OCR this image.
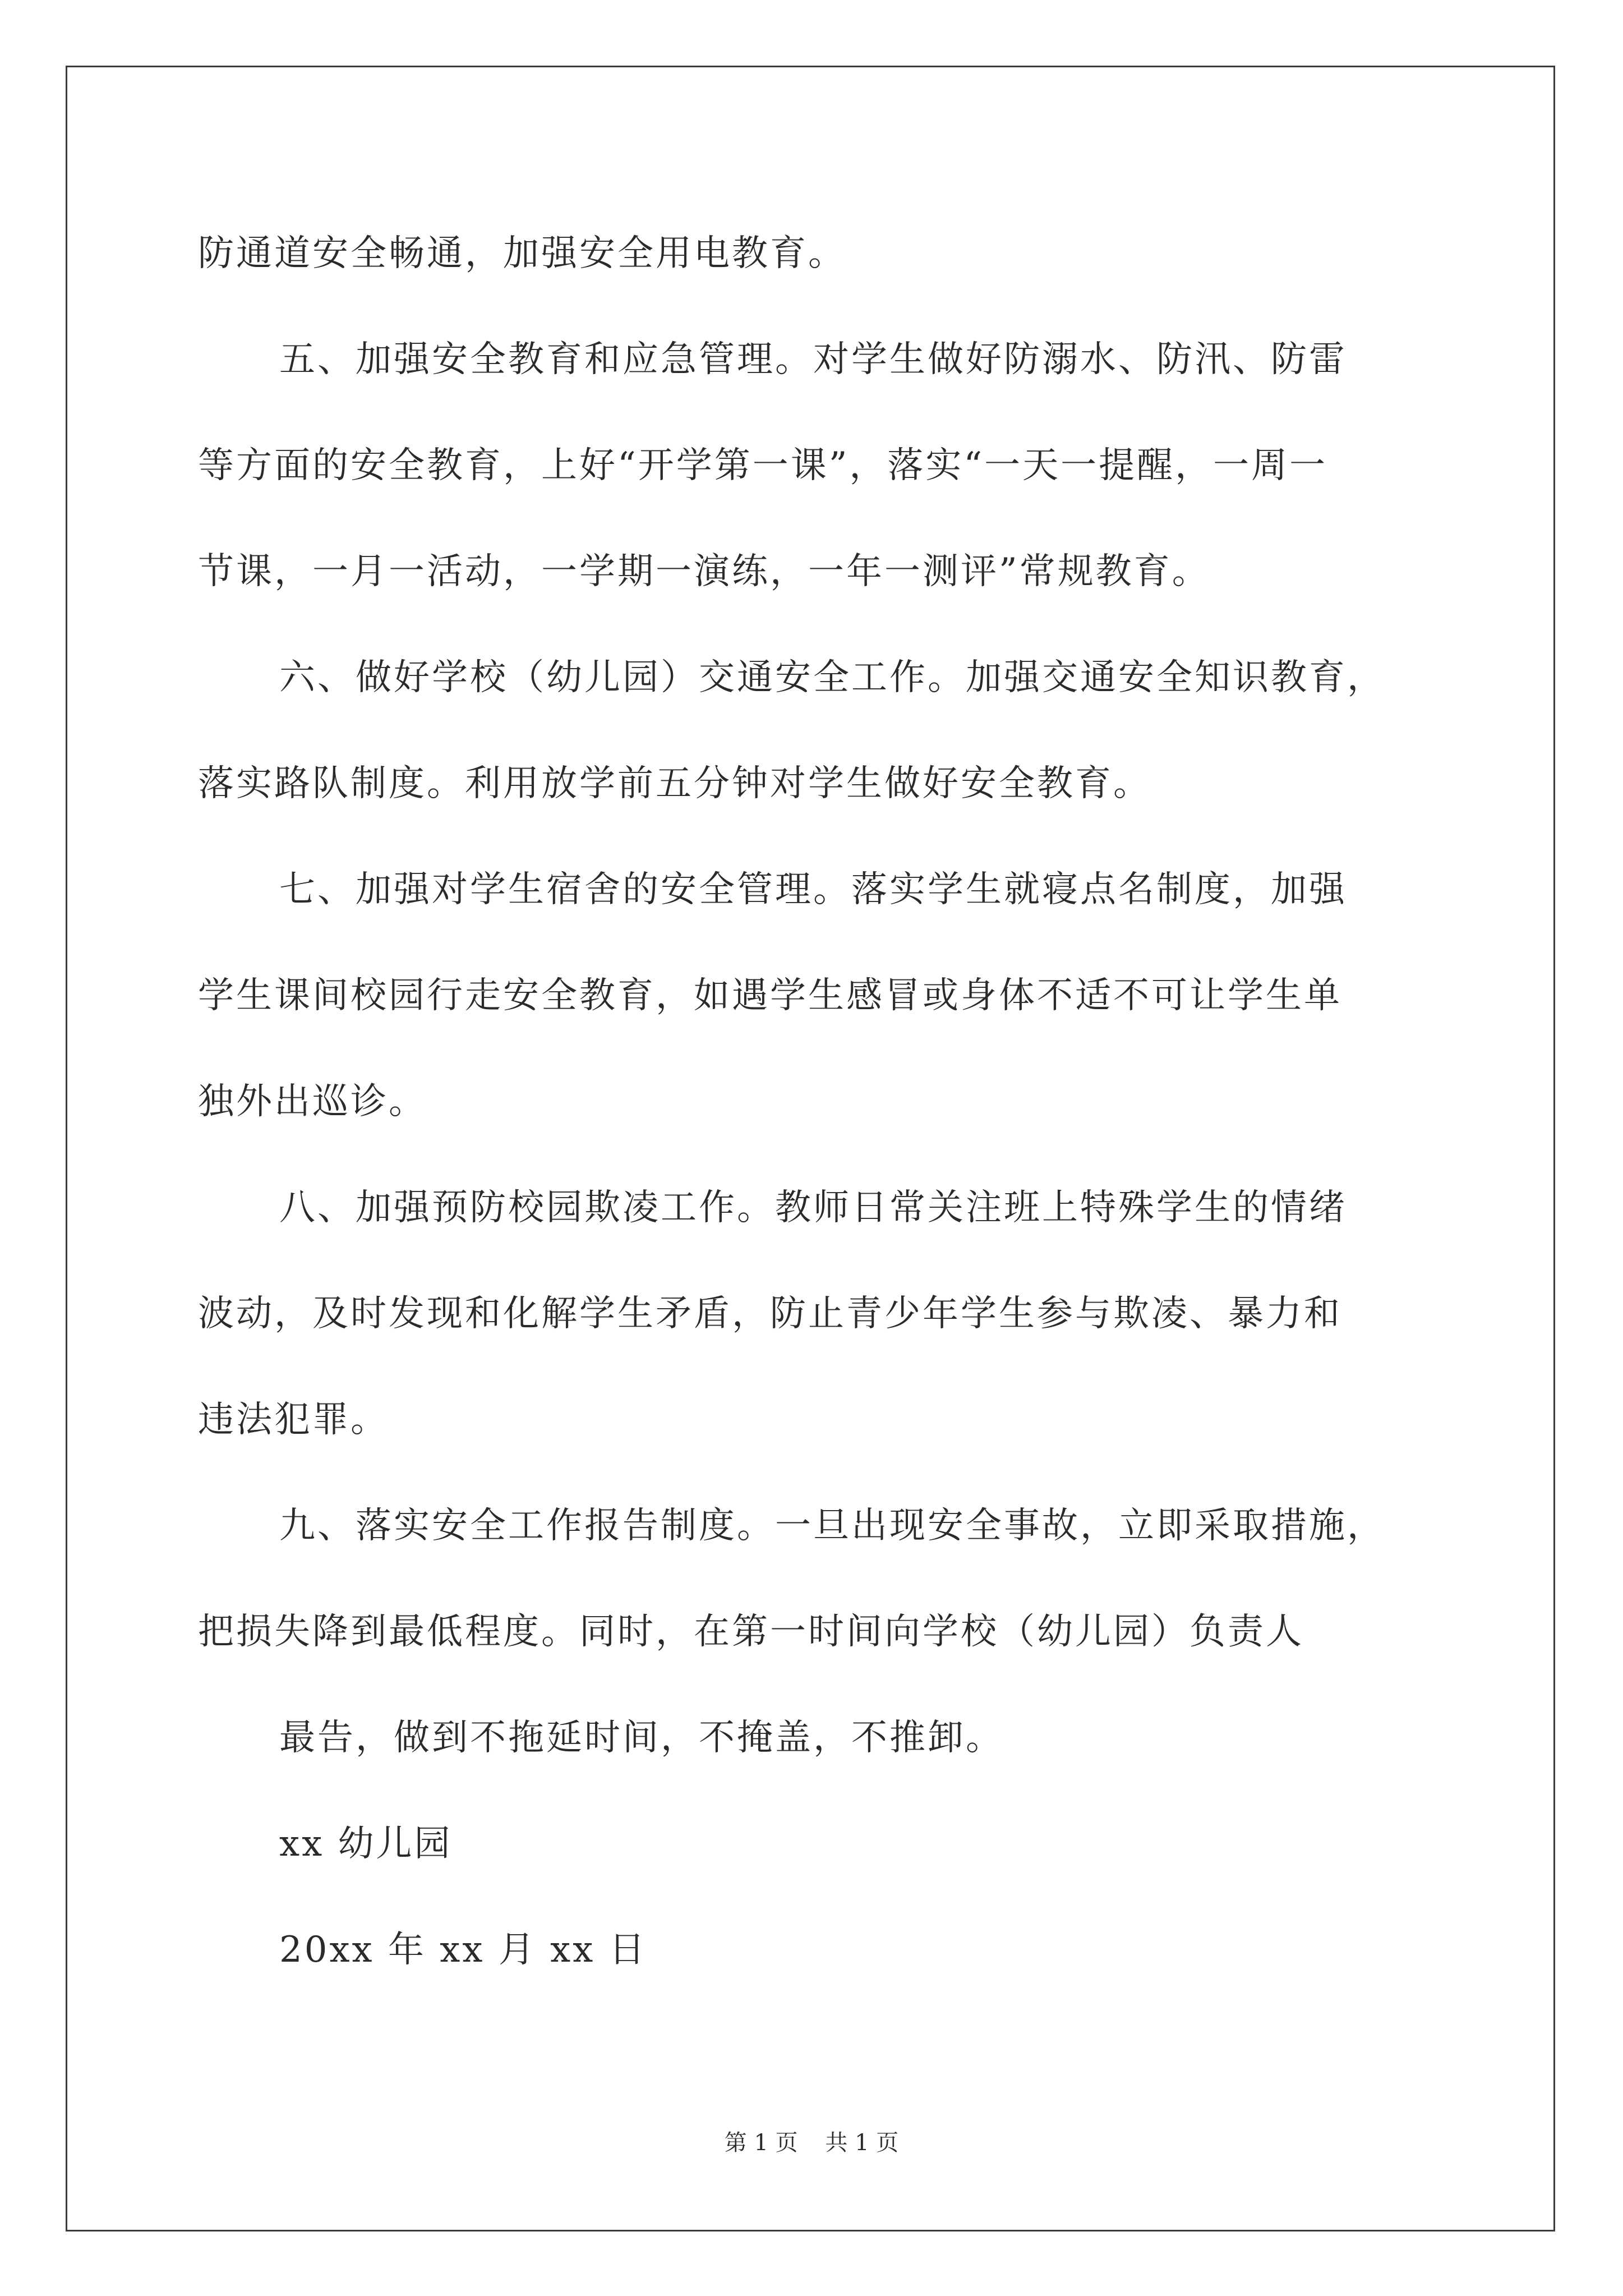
防通道安全畅通，加强安全用电教育。
五、加强安全教育和应急管理。对学生做好防溺水、防汛、防雷
等方面的安全教育，上好“开学第一课”，落实“一天一提醒，一周一
节课，一月一活动，一学期一演练，一年一测评”常规教育。
六、做好学校（幼儿园）交通安全工作。加强交通安全知识教育，
落实路队制度。利用放学前五分钟对学生做好安全教育。
七、加强对学生宿舍的安全管理。落实学生就寝点名制度，加强
学生课间校园行走安全教育，如遇学生感冒或身体不适不可让学生单
独外出巡诊。
八、加强预防校园欺凌工作。教师日常关注班上特殊学生的情绪
波动，及时发现和化解学生矛盾，防止青少年学生参与欺凌、暴力和
违法犯罪。
九、落实安全工作报告制度。一旦出现安全事故，立即采取措施，
把损失降到最低程度。同时，在第一时间向学校（幼儿园）负责人
最告，做到不拖延时间，不掩盖，不推卸。
xx 幼儿园
20xx 年 xx 月 xx 日
第 1 页 共 1 页
